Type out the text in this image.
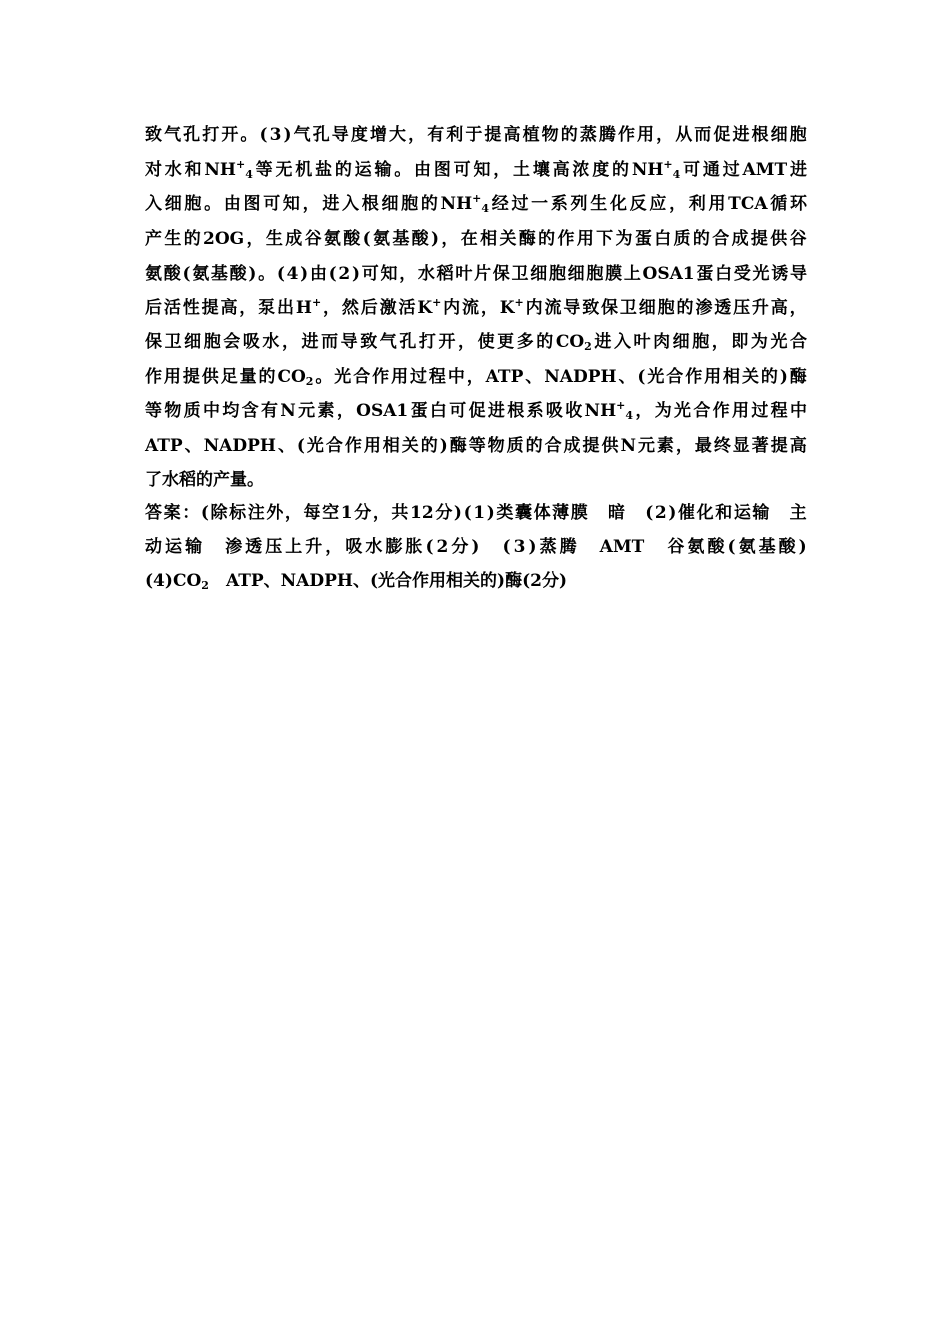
致 气 孔 打 开 。 ( 3 ) 气 孔 导 度 增 大 ， 有 利 于 提 高 植 物 的 蒸 腾 作 用 ， 从 而 促 进 根 细 胞
对 水 和 $NH^+_4$ 等 无 机 盐 的 运 输 。 由 图 可 知 ， 土 壤 高 浓 度 的 $NH^+_4$ 可 通 过 AMT 进
入 细 胞 。 由 图 可 知 ， 进 入 根 细 胞 的 $NH^+_4$ 经 过 一 系 列 生 化 反 应 ， 利 用 TCA 循 环
产 生 的 2OG ， 生 成 谷 氨 酸 ( 氨 基 酸 ) ， 在 相 关 酶 的 作 用 下 为 蛋 白 质 的 合 成 提 供 谷
氨 酸 ( 氨 基 酸 ) 。 ( 4 ) 由 ( 2 ) 可 知 ， 水 稻 叶 片 保 卫 细 胞 细 胞 膜 上 OSA1 蛋 白 受 光 诱 导
后 活 性 提 高 ， 泵 出 H+ ， 然 后 激 活 K+ 内 流 ， K+ 内 流 导 致 保 卫 细 胞 的 渗 透 压 升 高 ，
保 卫 细 胞 会 吸 水 ， 进 而 导 致 气 孔 打 开 ， 使 更 多 的 $CO_2$ 进 入 叶 肉 细 胞 ， 即 为 光 合
作 用 提 供 足 量 的 $CO_2$ 。 光 合 作 用 过 程 中 ， ATP 、 NADPH 、 ( 光 合 作 用 相 关 的 ) 酶
等 物 质 中 均 含 有 N 元 素 ， OSA1 蛋 白 可 促 进 根 系 吸 收 $NH^+_4$ ， 为 光 合 作 用 过 程 中
ATP 、 NADPH 、 ( 光 合 作 用 相 关 的 ) 酶 等 物 质 的 合 成 提 供 N 元 素 ， 最 终 显 著 提 高
了 水 稻 的 产 量 。
答 案 ： ( 除 标 注 外 ， 每 空 1 分 ， 共 12 分 ) ( 1 ) 类 囊 体 薄 膜
　 暗
　 ( 2 ) 催 化 和 运 输
　 主
动 运 输
　 渗 透 压 上 升 ， 吸 水 膨 胀 ( 2 分 )
　 ( 3 ) 蒸 腾
　 AMT
　 谷 氨 酸 ( 氨 基 酸 )
( 4 ) $CO_2$
　 ATP 、 NADPH 、 ( 光 合 作 用 相 关 的 ) 酶 ( 2 分 )
